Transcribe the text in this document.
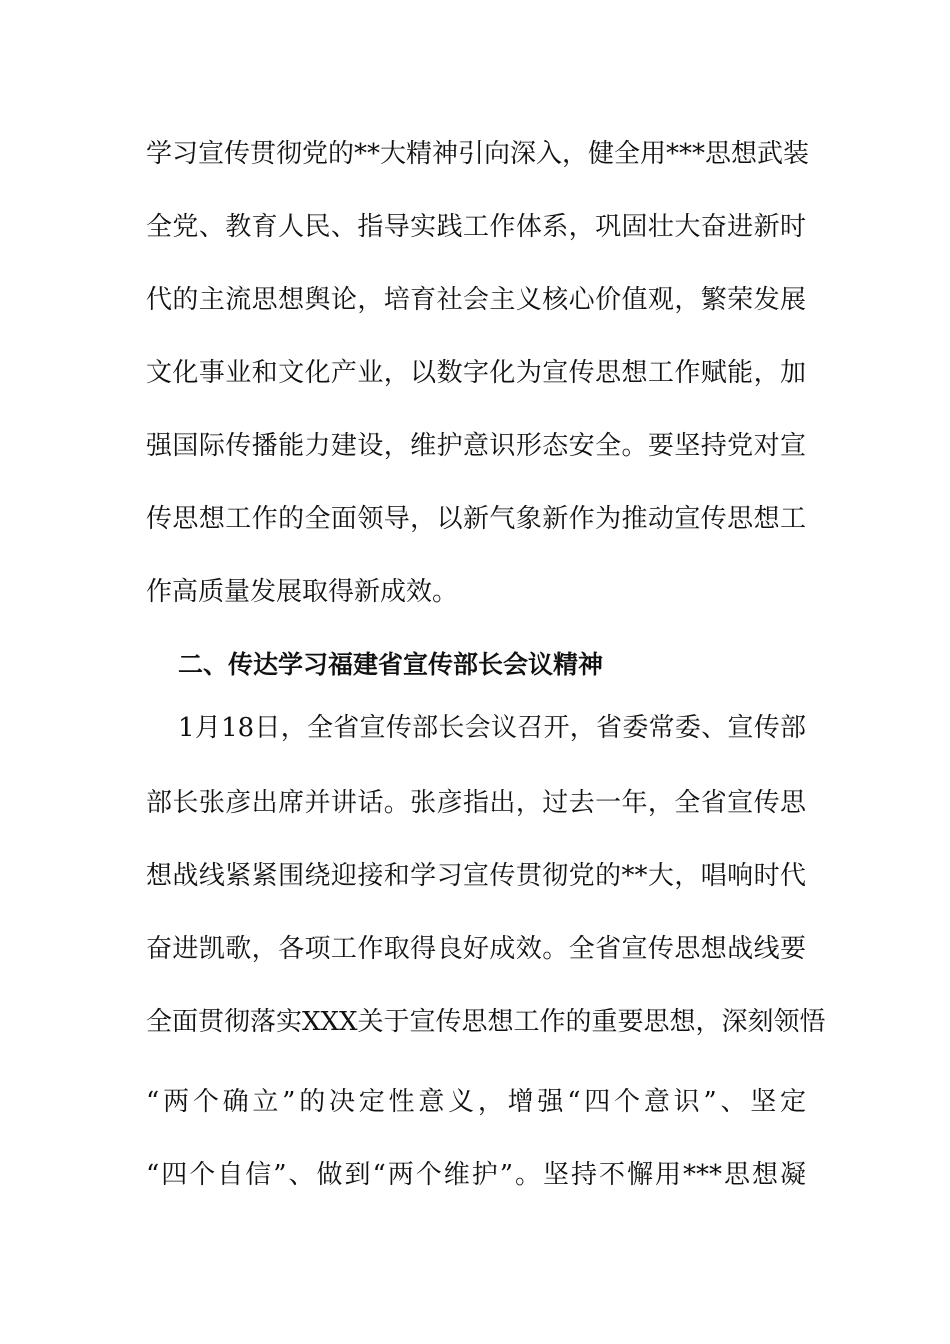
学习宣传贯彻党的**大精神引向深入，健全用***思想武装
全党、教育人民、指导实践工作体系，巩固壮大奋进新时
代的主流思想舆论，培育社会主义核心价值观，繁荣发展
文化事业和文化产业，以数字化为宣传思想工作赋能，加
强国际传播能力建设，维护意识形态安全。要坚持党对宣
传思想工作的全面领导，以新气象新作为推动宣传思想工
作高质量发展取得新成效。
二、传达学习福建省宣传部长会议精神
1月18日，全省宣传部长会议召开，省委常委、宣传部
部长张彦出席并讲话。张彦指出，过去一年，全省宣传思
想战线紧紧围绕迎接和学习宣传贯彻党的**大，唱响时代
奋进凯歌，各项工作取得良好成效。全省宣传思想战线要
全面贯彻落实XXX关于宣传思想工作的重要思想，深刻领悟
“两个确立”的决定性意义，增强“四个意识”、坚定
“四个自信”、做到“两个维护”。坚持不懈用***思想凝
